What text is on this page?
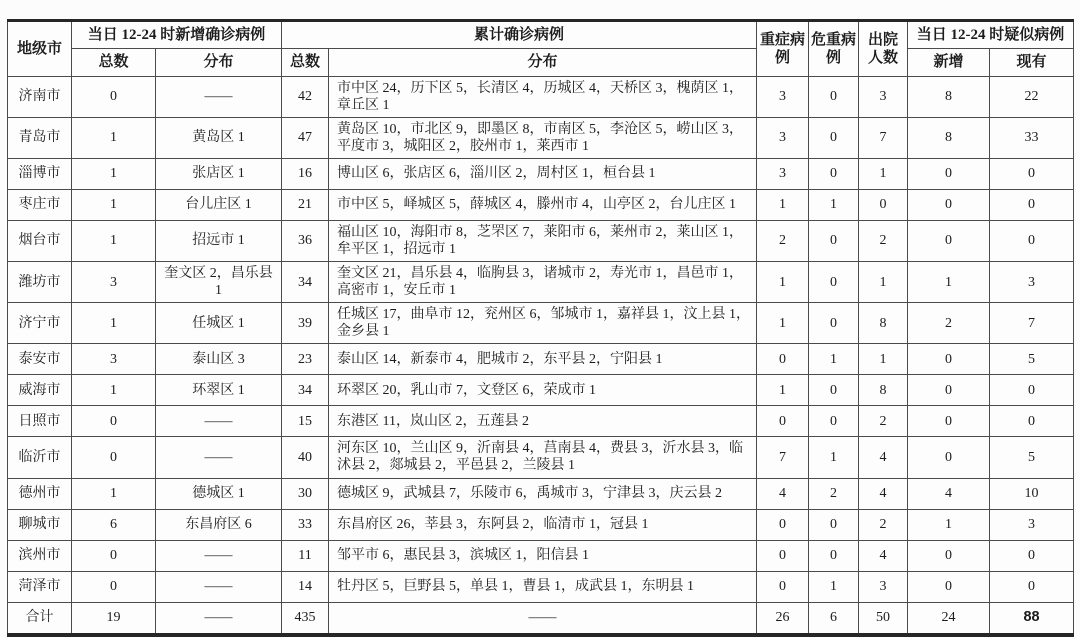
地级市	当日 12-24 时新增确诊病例		累计确诊病例		重症病例	危重病例	出院人数	当日 12-24 时疑似病例	
	总数	分布	总数	分布				新增	现有
济南市	0	——	42	市中区 24，历下区 5，长清区 4，历城区 4，天桥区 3，槐荫区 1，章丘区 1	3	0	3	8	22
青岛市	1	黄岛区 1	47	黄岛区 10，市北区 9，即墨区 8，市南区 5，李沧区 5，崂山区 3，平度市 3，城阳区 2，胶州市 1，莱西市 1	3	0	7	8	33
淄博市	1	张店区 1	16	博山区 6，张店区 6，淄川区 2，周村区 1，桓台县 1	3	0	1	0	0
枣庄市	1	台儿庄区 1	21	市中区 5，峄城区 5，薛城区 4，滕州市 4，山亭区 2，台儿庄区 1	1	1	0	0	0
烟台市	1	招远市 1	36	福山区 10，海阳市 8，芝罘区 7，莱阳市 6，莱州市 2，莱山区 1，牟平区 1，招远市 1	2	0	2	0	0
潍坊市	3	奎文区 2，昌乐县 1	34	奎文区 21，昌乐县 4，临朐县 3，诸城市 2，寿光市 1，昌邑市 1，高密市 1，安丘市 1	1	0	1	1	3
济宁市	1	任城区 1	39	任城区 17，曲阜市 12，兖州区 6，邹城市 1，嘉祥县 1，汶上县 1，金乡县 1	1	0	8	2	7
泰安市	3	泰山区 3	23	泰山区 14，新泰市 4，肥城市 2，东平县 2，宁阳县 1	0	1	1	0	5
威海市	1	环翠区 1	34	环翠区 20，乳山市 7，文登区 6，荣成市 1	1	0	8	0	0
日照市	0	——	15	东港区 11，岚山区 2，五莲县 2	0	0	2	0	0
临沂市	0	——	40	河东区 10，兰山区 9，沂南县 4，莒南县 4，费县 3，沂水县 3，临沭县 2，郯城县 2，平邑县 2，兰陵县 1	7	1	4	0	5
德州市	1	德城区 1	30	德城区 9，武城县 7，乐陵市 6，禹城市 3，宁津县 3，庆云县 2	4	2	4	4	10
聊城市	6	东昌府区 6	33	东昌府区 26，莘县 3，东阿县 2，临清市 1，冠县 1	0	0	2	1	3
滨州市	0	——	11	邹平市 6，惠民县 3，滨城区 1，阳信县 1	0	0	4	0	0
菏泽市	0	——	14	牡丹区 5，巨野县 5，单县 1，曹县 1，成武县 1，东明县 1	0	1	3	0	0
合计	19	——	435	——	26	6	50	24	88
